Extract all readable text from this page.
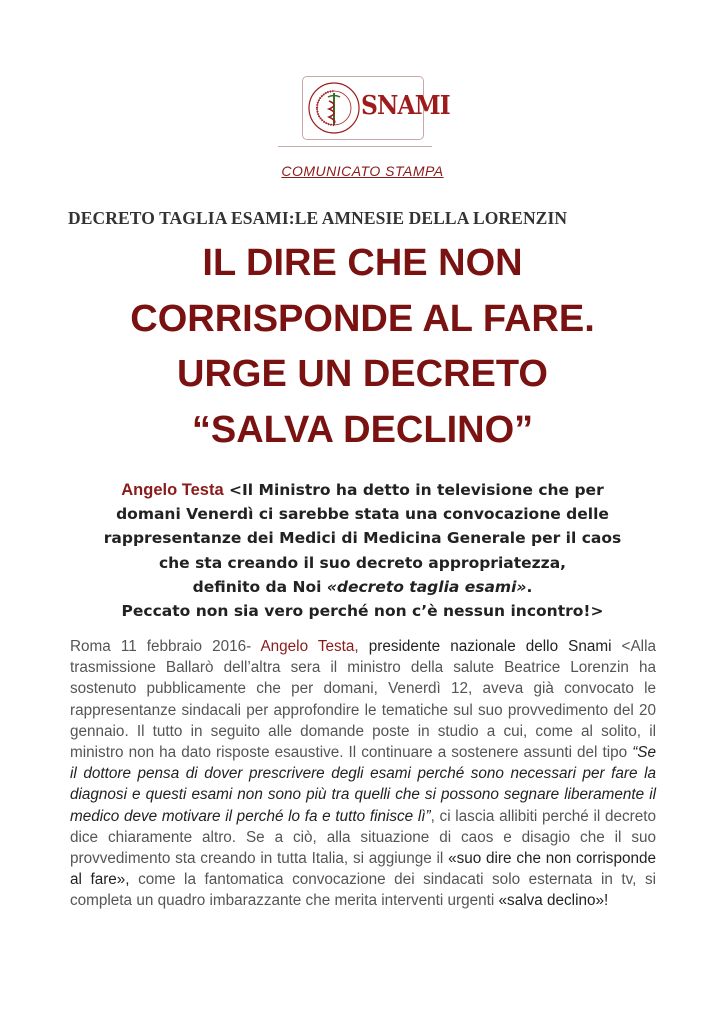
SNAMI
COMUNICATO STAMPA
DECRETO TAGLIA ESAMI:LE AMNESIE DELLA LORENZIN
IL DIRE CHE NON
CORRISPONDE AL FARE.
URGE UN DECRETO
“SALVA DECLINO”
Angelo Testa <Il Ministro ha detto in televisione che per
domani Venerdì ci sarebbe stata una convocazione delle
rappresentanze dei Medici di Medicina Generale per il caos
che sta creando il suo decreto appropriatezza,
definito da Noi «decreto taglia esami».
Peccato non sia vero perché non c’è nessun incontro!>
Roma 11 febbraio 2016- Angelo Testa, presidente nazionale dello Snami <Alla
trasmissione Ballarò dell’altra sera il ministro della salute Beatrice Lorenzin ha
sostenuto pubblicamente che per domani, Venerdì 12, aveva già convocato le
rappresentanze sindacali per approfondire le tematiche sul suo provvedimento del 20
gennaio. Il tutto in seguito alle domande poste in studio a cui, come al solito, il
ministro non ha dato risposte esaustive. Il continuare a sostenere assunti del tipo “Se
il dottore pensa di dover prescrivere degli esami perché sono necessari per fare la
diagnosi e questi esami non sono più tra quelli che si possono segnare liberamente il
medico deve motivare il perché lo fa e tutto finisce lì”, ci lascia allibiti perché il decreto
dice chiaramente altro. Se a ciò, alla situazione di caos e disagio che il suo
provvedimento sta creando in tutta Italia, si aggiunge il «suo dire che non corrisponde
al fare», come la fantomatica convocazione dei sindacati solo esternata in tv, si
completa un quadro imbarazzante che merita interventi urgenti «salva declino»!
